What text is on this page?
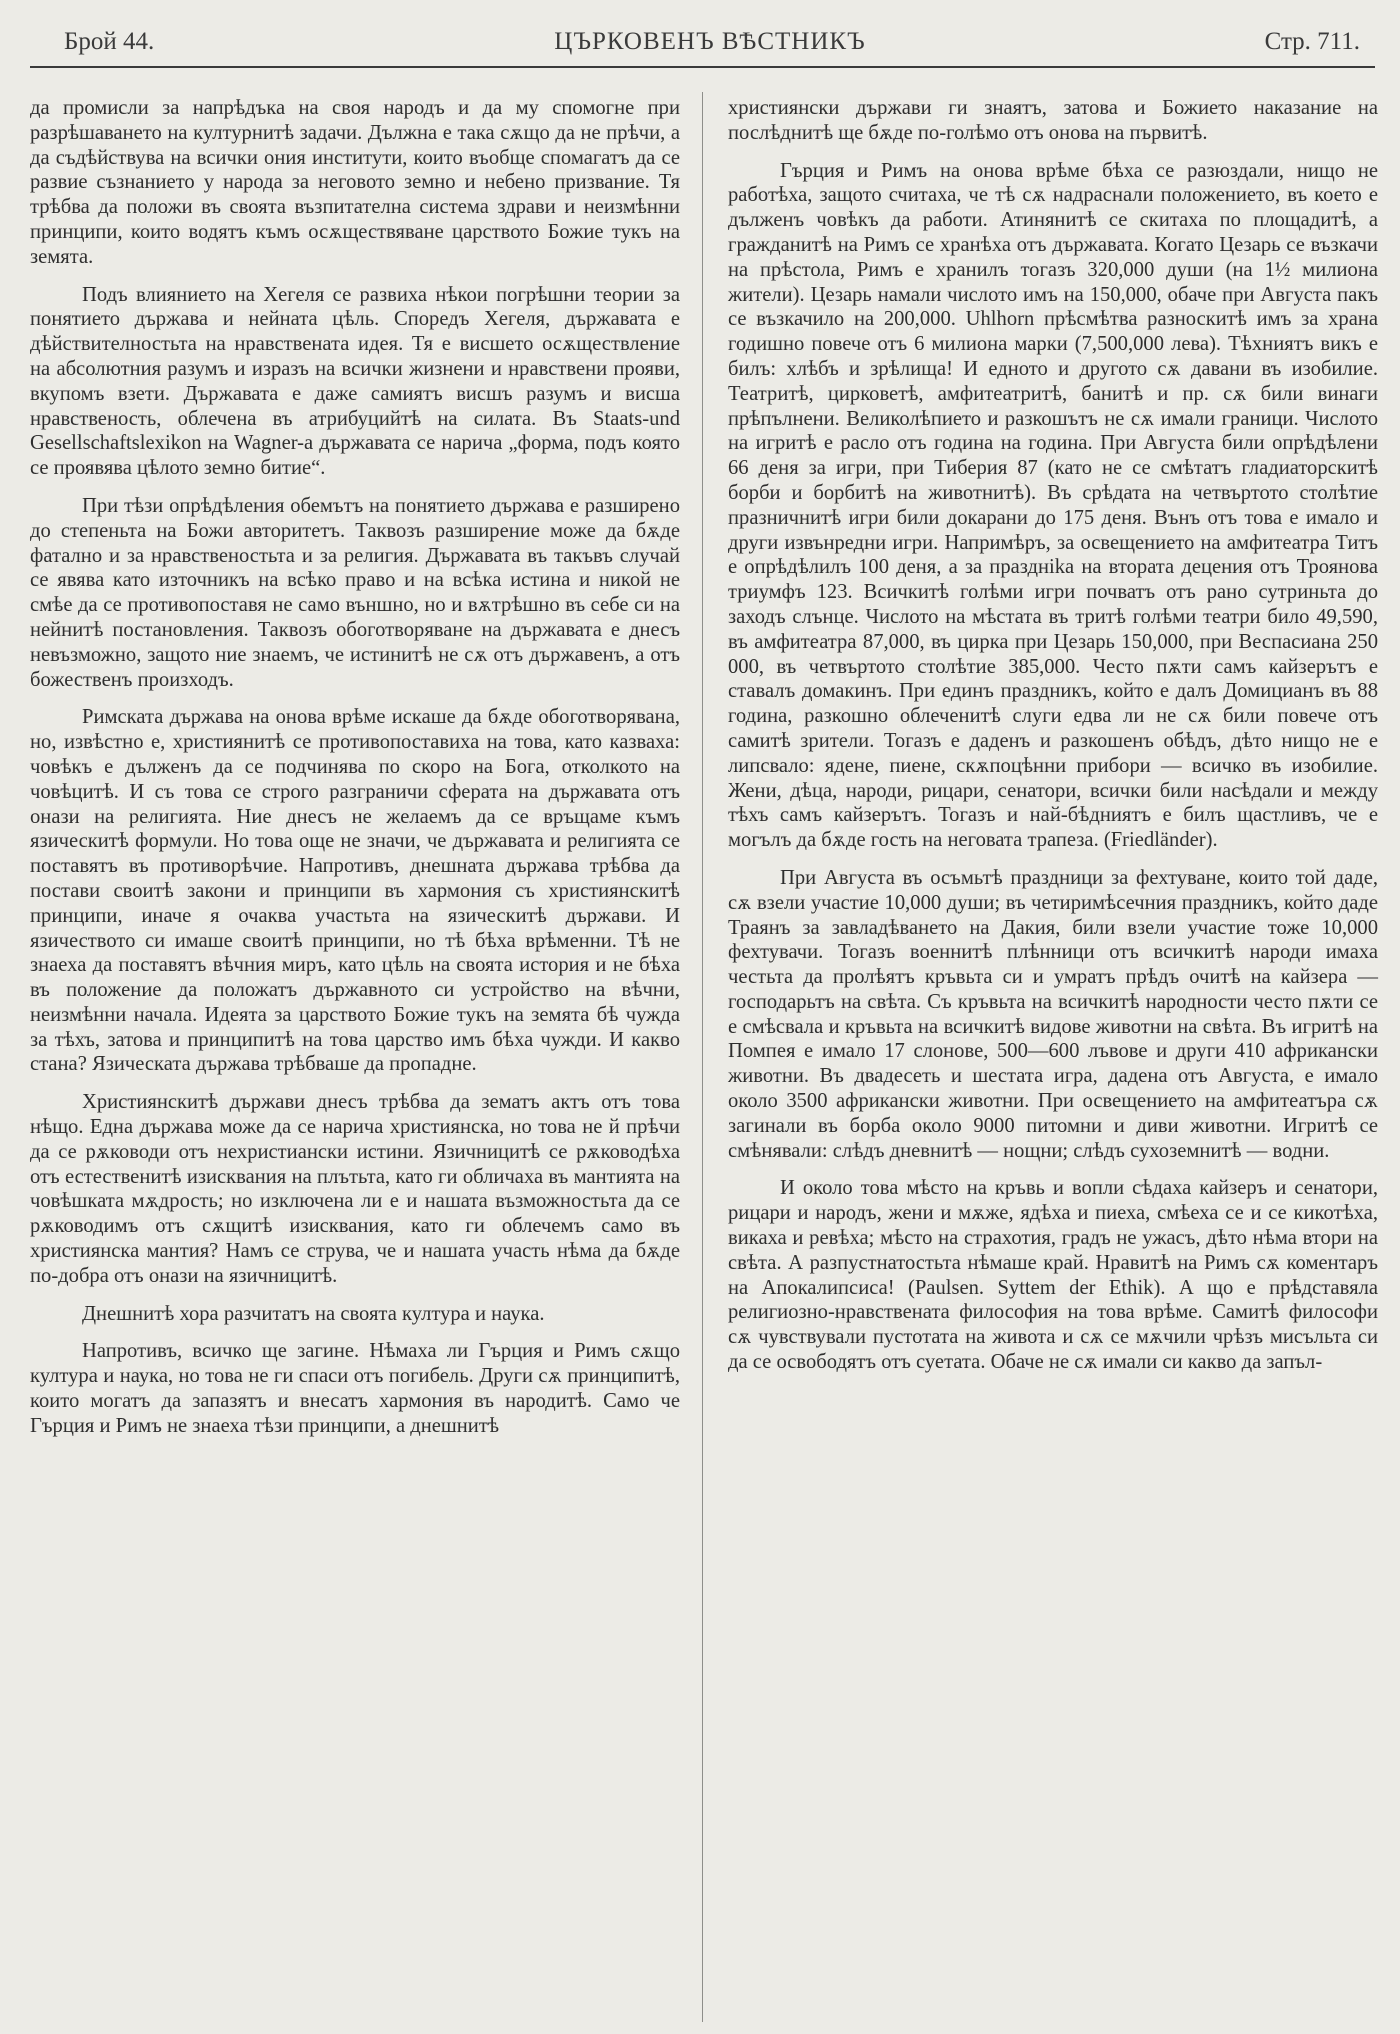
Брой 44.	ЦЪРКОВЕНЪ ВѢСТНИКЪ	Стр. 711.

да промисли за напрѣдъка на своя народъ и да му спомогне при разрѣшаването на културнитѣ задачи. Дължна е така сѫщо да не прѣчи, а да съдѣйствува на всички ония институти, които въобще спомагатъ да се развие съзнанието у народа за неговото земно и небено призвание. Тя трѣбва да положи въ своята възпитателна система здрави и неизмѣнни принципи, които водятъ къмъ осѫществяване царството Божие тукъ на земята.

Подъ влиянието на Хегеля се развиха нѣкои погрѣшни теории за понятието държава и нейната цѣль. Споредъ Хегеля, държавата е дѣйствителностьта на нравствената идея. Тя е висшето осѫществление на абсолютния разумъ и изразъ на всички жизнени и нравствени прояви, вкупомъ взети. Държавата е даже самиятъ висшъ разумъ и висша нравственость, облечена въ атрибуцийтѣ на силата. Въ Staats-und Gesellschaftslexikon на Wagner-а държавата се нарича „форма, подъ която се проявява цѣлото земно битие“.

При тѣзи опрѣдѣления обемътъ на понятието държава е разширено до степеньта на Божи авторитетъ. Таквозъ разширение може да бѫде фатално и за нравственостьта и за религия. Държавата въ такъвъ случай се явява като източникъ на всѣко право и на всѣка истина и никой не смѣе да се противопоставя не само външно, но и вѫтрѣшно въ себе си на нейнитѣ постановления. Таквозъ обоготворяване на държавата е днесъ невъзможно, защото ние знаемъ, че истинитѣ не сѫ отъ държавенъ, а отъ божественъ произходъ.

Римската държава на онова врѣме искаше да бѫде обоготворявана, но, извѣстно е, християнитѣ се противопоставиха на това, като казваха: човѣкъ е дълженъ да се подчинява по скоро на Бога, отколкото на човѣцитѣ. И съ това се строго разграничи сферата на държавата отъ онази на религията. Ние днесъ не желаемъ да се връщаме къмъ язическитѣ формули. Но това още не значи, че държавата и религията се поставятъ въ противорѣчие. Напротивъ, днешната държава трѣбва да постави своитѣ закони и принципи въ хармония съ християнскитѣ принципи, иначе я очаква участьта на язическитѣ държави. И язичеството си имаше своитѣ принципи, но тѣ бѣха врѣменни. Тѣ не знаеха да поставятъ вѣчния миръ, като цѣль на своята история и не бѣха въ положение да положатъ държавното си устройство на вѣчни, неизмѣнни начала. Идеята за царството Божие тукъ на земята бѣ чужда за тѣхъ, затова и принципитѣ на това царство имъ бѣха чужди. И какво стана? Язическата държава трѣбваше да пропадне.

Християнскитѣ държави днесъ трѣбва да зематъ актъ отъ това нѣщо. Една държава може да се нарича християнска, но това не й прѣчи да се рѫководи отъ нехристиански истини. Язичницитѣ се рѫководѣха отъ естественитѣ изисквания на плътьта, като ги обличаха въ мантията на човѣшката мѫдрость; но изключена ли е и нашата възможностьта да се рѫководимъ отъ сѫщитѣ изисквания, като ги облечемъ само въ християнска мантия? Намъ се струва, че и нашата участь нѣма да бѫде по-добра отъ онази на язичницитѣ.

Днешнитѣ хора разчитатъ на своята култура и наука.

Напротивъ, всичко ще загине. Нѣмаха ли Гърция и Римъ сѫщо култура и наука, но това не ги спаси отъ погибель. Други сѫ принципитѣ, които могатъ да запазятъ и внесатъ хармония въ народитѣ. Само че Гърция и Римъ не знаеха тѣзи принципи, а днешнитѣ

християнски държави ги знаятъ, затова и Божието наказание на послѣднитѣ ще бѫде по-голѣмо отъ онова на първитѣ.

Гърция и Римъ на онова врѣме бѣха се разюздали, нищо не работѣха, защото считаха, че тѣ сѫ надраснали положението, въ което е дълженъ човѣкъ да работи. Атинянитѣ се скитаха по площадитѣ, а гражданитѣ на Римъ се хранѣха отъ държавата. Когато Цезарь се възкачи на прѣстола, Римъ е хранилъ тогазъ 320,000 души (на 1½ милиона жители). Цезарь намали числото имъ на 150,000, обаче при Августа пакъ се възкачило на 200,000. Uhlhorn прѣсмѣтва разноскитѣ имъ за храна годишно повече отъ 6 милиона марки (7,500,000 лева). Тѣхниятъ викъ е билъ: хлѣбъ и зрѣлища! И едното и другото сѫ давани въ изобилие. Театритѣ, цирковетѣ, амфитеатритѣ, банитѣ и пр. сѫ били винаги прѣпълнени. Великолѣпието и разкошътъ не сѫ имали граници. Числото на игритѣ е расло отъ година на година. При Августа били опрѣдѣлени 66 деня за игри, при Тиберия 87 (като не се смѣтатъ гладиаторскитѣ борби и борбитѣ на животнитѣ). Въ срѣдата на четвъртото столѣтие празничнитѣ игри били докарани до 175 деня. Вънъ отъ това е имало и други извънредни игри. Напримѣръ, за освещението на амфитеатра Титъ е опрѣдѣлилъ 100 деня, а за празднika на втората децения отъ Троянова триумфъ 123. Всичкитѣ голѣми игри почватъ отъ рано сутриньта до заходъ слънце. Числото на мѣстата въ тритѣ голѣми театри било 49,590, въ амфитеатра 87,000, въ цирка при Цезарь 150,000, при Веспасиана 250 000, въ четвъртото столѣтие 385,000. Често пѫти самъ кайзерътъ е ставалъ домакинъ. При единъ праздникъ, който е далъ Домицианъ въ 88 година, разкошно облеченитѣ слуги едва ли не сѫ били повече отъ самитѣ зрители. Тогазъ е даденъ и разкошенъ обѣдъ, дѣто нищо не е липсвало: ядене, пиене, скѫпоцѣнни прибори — всичко въ изобилие. Жени, дѣца, народи, рицари, сенатори, всички били насѣдали и между тѣхъ самъ кайзерътъ. Тогазъ и най-бѣдниятъ е билъ щастливъ, че е могълъ да бѫде гость на неговата трапеза. (Friedländer).

При Августа въ осъмьтѣ праздници за фехтуване, които той даде, сѫ взели участие 10,000 души; въ четиримѣсечния праздникъ, който даде Траянъ за завладѣването на Дакия, били взели участие тоже 10,000 фехтувачи. Тогазъ военнитѣ плѣнници отъ всичкитѣ народи имаха честьта да пролѣятъ кръвьта си и умратъ прѣдъ очитѣ на кайзера — господарьтъ на свѣта. Съ кръвьта на всичкитѣ народности често пѫти се е смѣсвала и кръвьта на всичкитѣ видове животни на свѣта. Въ игритѣ на Помпея е имало 17 слонове, 500—600 лъвове и други 410 африкански животни. Въ двадесеть и шестата игра, дадена отъ Августа, е имало около 3500 африкански животни. При освещението на амфитеатъра сѫ загинали въ борба около 9000 питомни и диви животни. Игритѣ се смѣнявали: слѣдъ дневнитѣ — нощни; слѣдъ сухоземнитѣ — водни.

И около това мѣсто на кръвь и вопли сѣдаха кайзеръ и сенатори, рицари и народъ, жени и мѫже, ядѣха и пиеха, смѣеха се и се кикотѣха, викаха и ревѣха; мѣсто на страхотия, градъ не ужасъ, дѣто нѣма втори на свѣта. А разпустнатостьта нѣмаше край. Нравитѣ на Римъ сѫ коментаръ на Апокалипсиса! (Paulsen. Syttem der Ethik). А що е прѣдставяла религиозно-нравствената философия на това врѣме. Самитѣ философи сѫ чувствували пустотата на живота и сѫ се мѫчили чрѣзъ мисъльта си да се освободятъ отъ суетата. Обаче не сѫ имали си какво да запъл-
